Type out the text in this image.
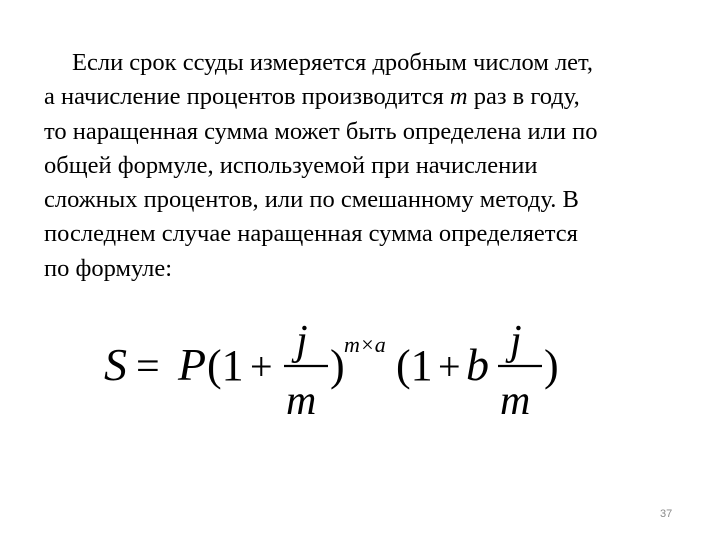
Если срок ссуды измеряется дробным числом лет,
а начисление процентов производится m раз в году,
то наращенная сумма может быть определена или по
общей формуле, используемой при начислении
сложных процентов, или по смешанному методу. В
последнем случае наращенная сумма определяется
по формуле:

S = P (1 +
j
m
) m×a (1 + b j
m
)
37
